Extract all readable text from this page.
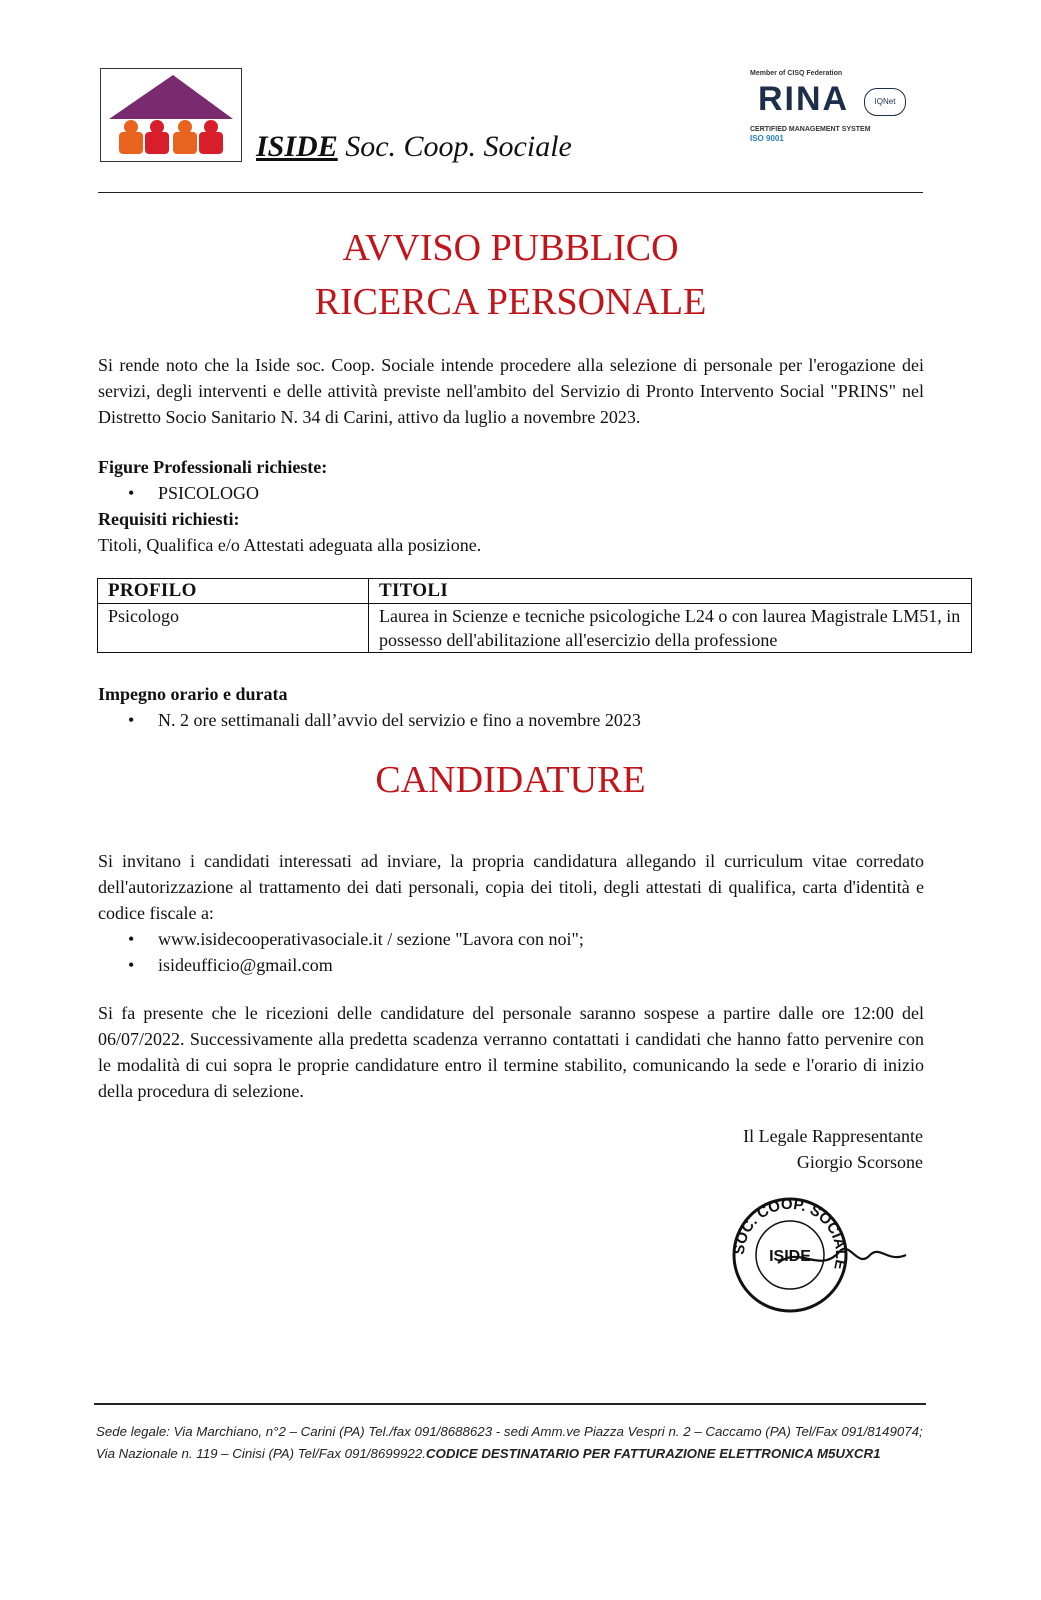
ISIDE Soc. Coop. Sociale
Member of CISQ Federation
RINA	IQNet
CERTIFIED MANAGEMENT SYSTEM
ISO 9001
AVVISO PUBBLICO
RICERCA PERSONALE
Si rende noto che la Iside soc. Coop. Sociale intende procedere alla selezione di personale per l'erogazione dei servizi, degli interventi e delle attività previste nell'ambito del Servizio di Pronto Intervento Social "PRINS" nel Distretto Socio Sanitario N. 34 di Carini, attivo da luglio a novembre 2023.
Figure Professionali richieste:
• PSICOLOGO
Requisiti richiesti:
Titoli, Qualifica e/o Attestati adeguata alla posizione.
PROFILO	TITOLI
Psicologo	Laurea in Scienze e tecniche psicologiche L24 o con laurea Magistrale LM51, in possesso dell'abilitazione all'esercizio della professione
Impegno orario e durata
• N. 2 ore settimanali dall’avvio del servizio e fino a novembre 2023
CANDIDATURE
Si invitano i candidati interessati ad inviare, la propria candidatura allegando il curriculum vitae corredato dell'autorizzazione al trattamento dei dati personali, copia dei titoli, degli attestati di qualifica, carta d'identità e codice fiscale a:
• www.isidecooperativasociale.it / sezione "Lavora con noi";
• isideufficio@gmail.com
Si fa presente che le ricezioni delle candidature del personale saranno sospese a partire dalle ore 12:00 del 06/07/2022. Successivamente alla predetta scadenza verranno contattati i candidati che hanno fatto pervenire con le modalità di cui sopra le proprie candidature entro il termine stabilito, comunicando la sede e l'orario di inizio della procedura di selezione.
Il Legale Rappresentante
Giorgio Scorsone
SOC. COOP. SOCIALE
ISIDE
Sede legale: Via Marchiano, n°2 – Carini (PA) Tel./fax 091/8688623 - sedi Amm.ve Piazza Vespri n. 2 – Caccamo (PA) Tel/Fax 091/8149074; Via Nazionale n. 119 – Cinisi (PA) Tel/Fax 091/8699922.CODICE DESTINATARIO PER FATTURAZIONE ELETTRONICA M5UXCR1
